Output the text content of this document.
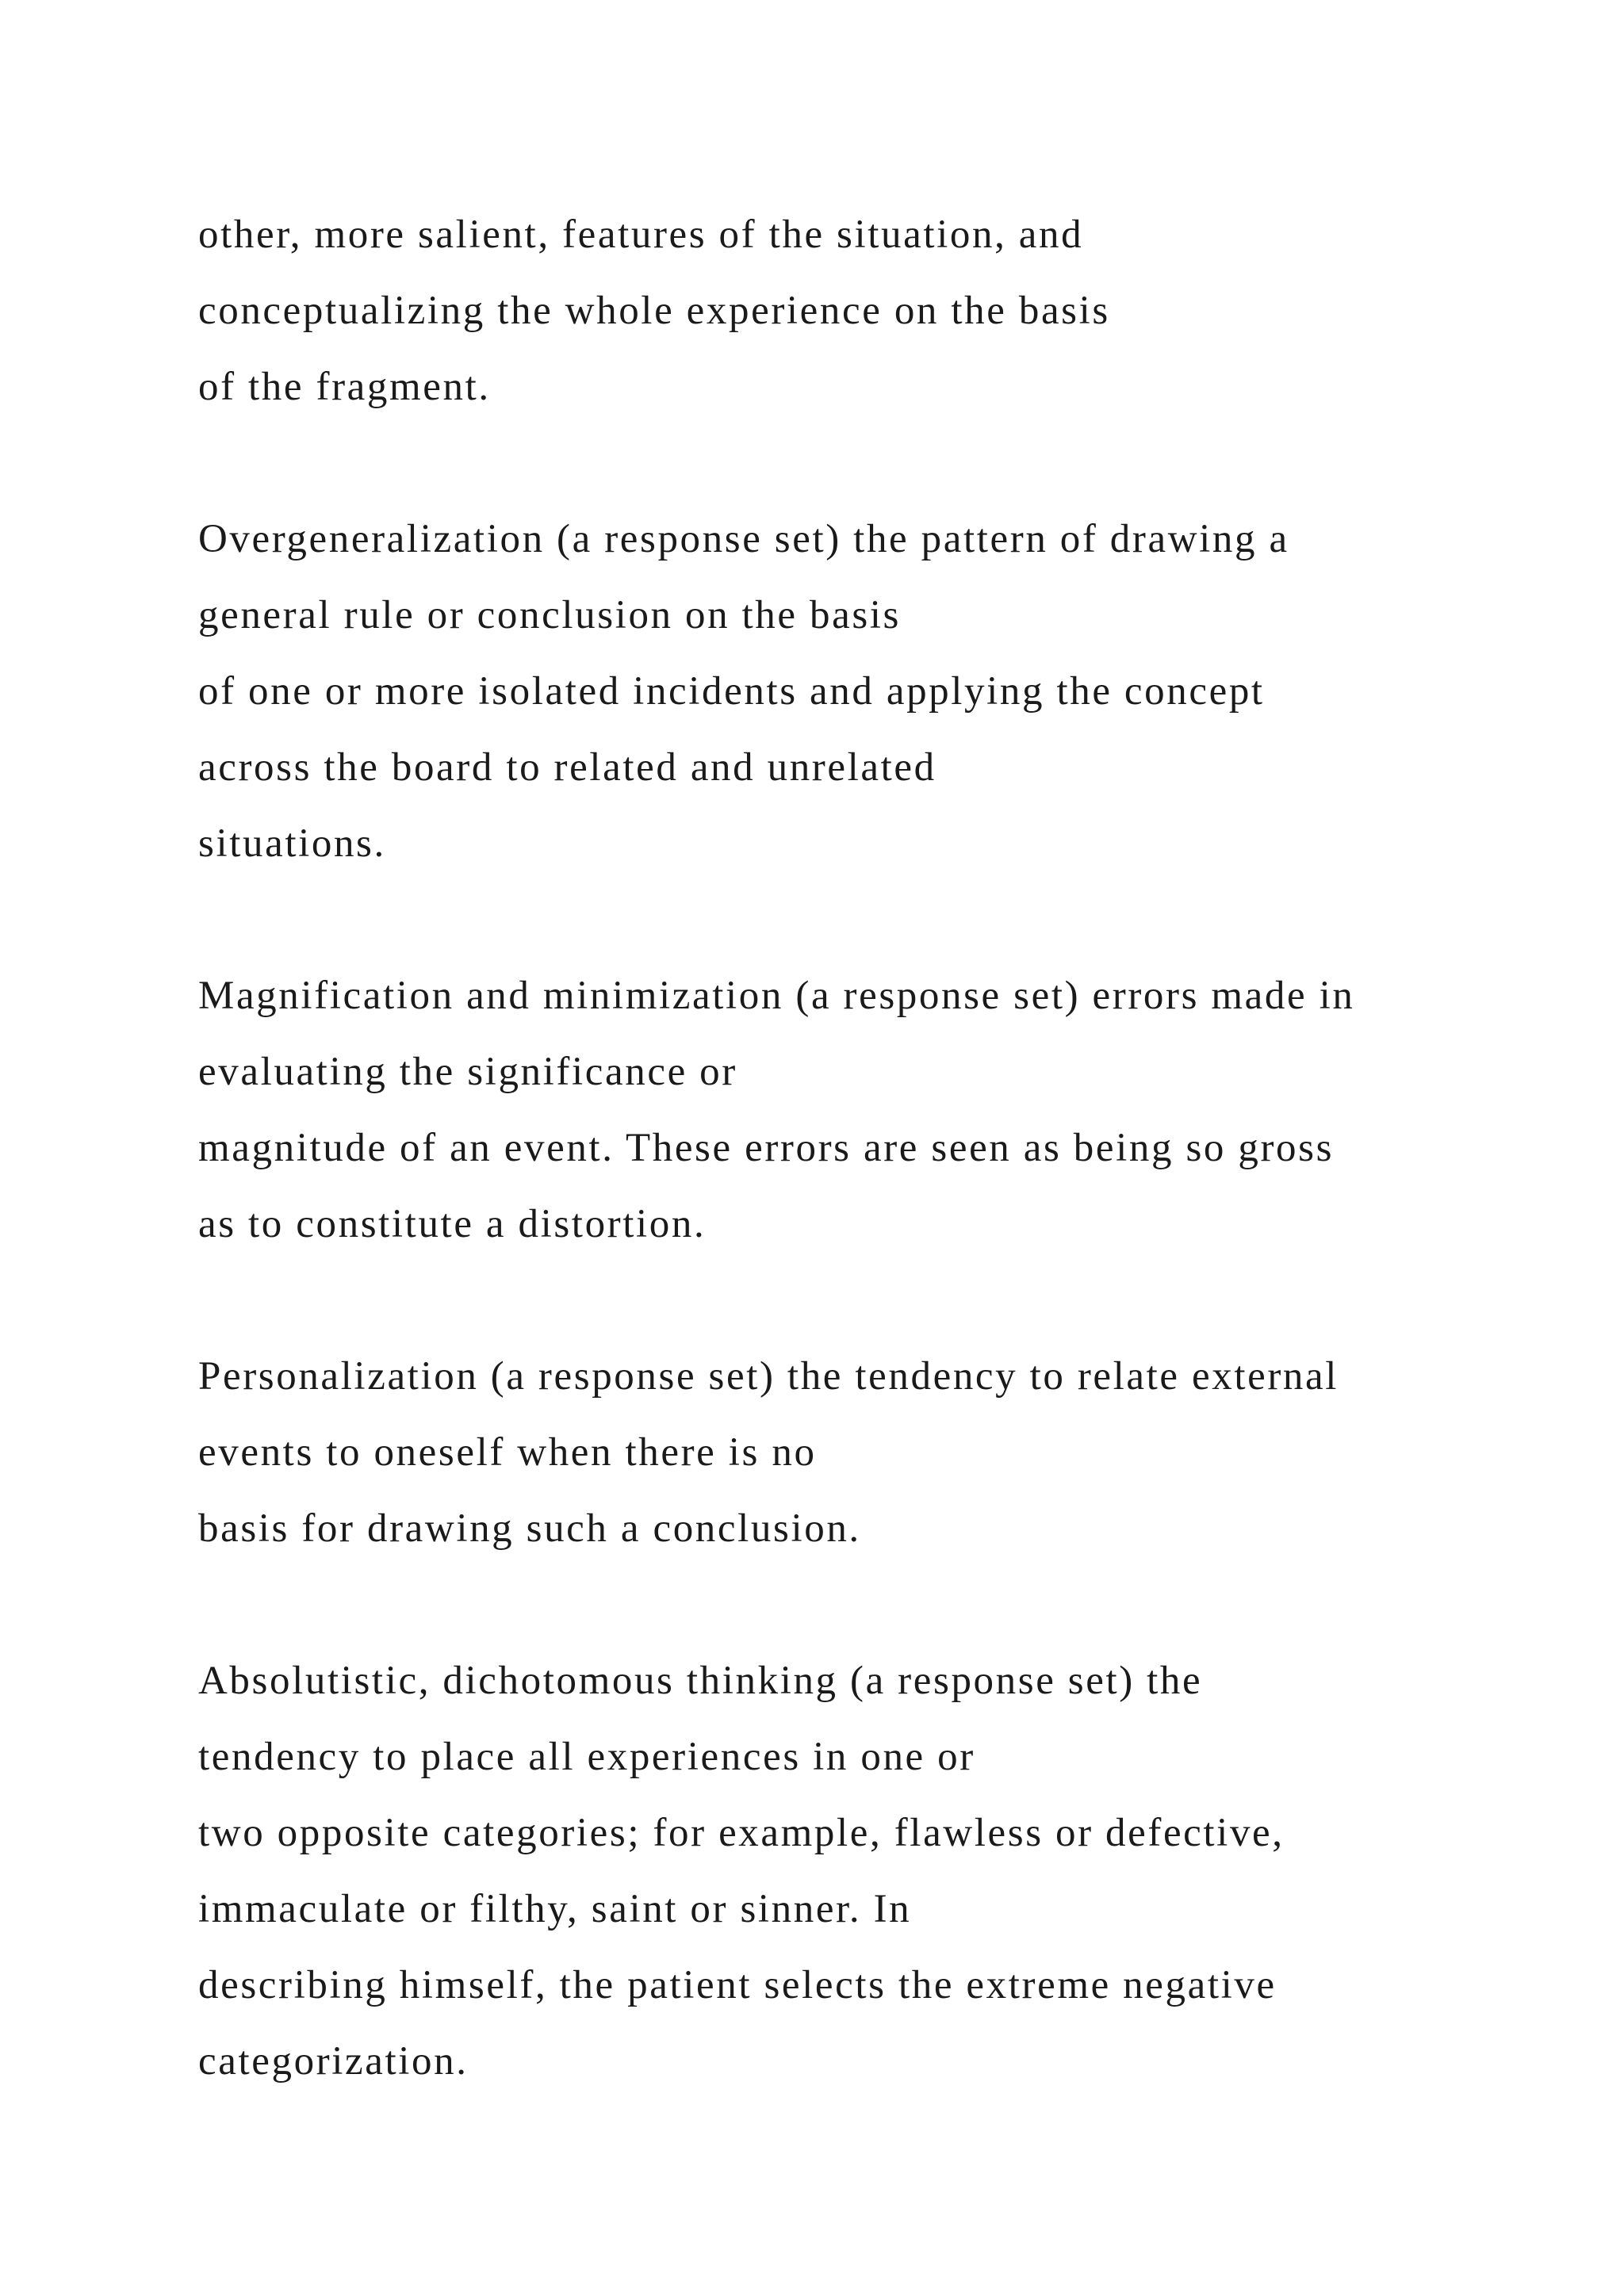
other, more salient, features of the situation, and
conceptualizing the whole experience on the basis
of the fragment.

Overgeneralization (a response set) the pattern of drawing a
general rule or conclusion on the basis
of one or more isolated incidents and applying the concept
across the board to related and unrelated
situations.

Magnification and minimization (a response set) errors made in
evaluating the significance or
magnitude of an event. These errors are seen as being so gross
as to constitute a distortion.

Personalization (a response set) the tendency to relate external
events to oneself when there is no
basis for drawing such a conclusion.

Absolutistic, dichotomous thinking (a response set) the
tendency to place all experiences in one or
two opposite categories; for example, flawless or defective,
immaculate or filthy, saint or sinner. In
describing himself, the patient selects the extreme negative
categorization.
